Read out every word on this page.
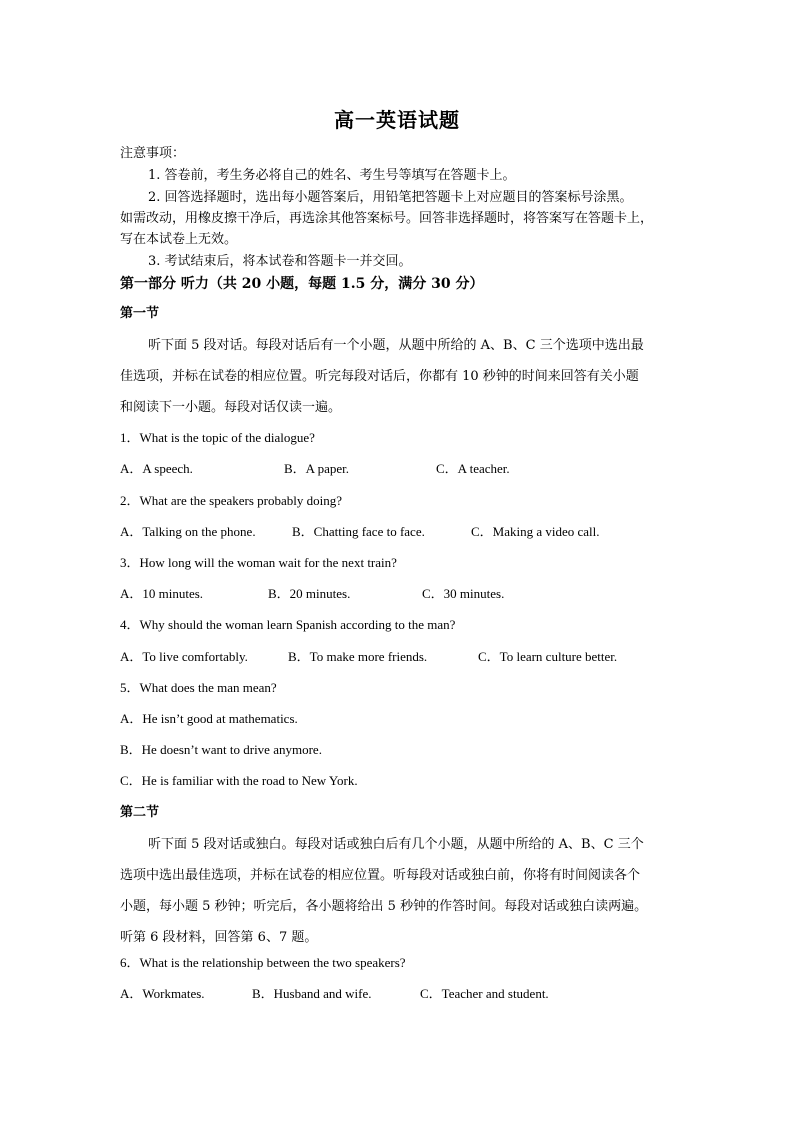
高一英语试题
注意事项：
1. 答卷前，考生务必将自己的姓名、考生号等填写在答题卡上。
2. 回答选择题时，选出每小题答案后，用铅笔把答题卡上对应题目的答案标号涂黑。
如需改动，用橡皮擦干净后，再选涂其他答案标号。回答非选择题时，将答案写在答题卡上，
写在本试卷上无效。
3. 考试结束后，将本试卷和答题卡一并交回。
第一部分 听力（共 20 小题，每题 1.5 分，满分 30 分）
第一节
听下面 5 段对话。每段对话后有一个小题，从题中所给的 A、B、C 三个选项中选出最
佳选项，并标在试卷的相应位置。听完每段对话后，你都有 10 秒钟的时间来回答有关小题
和阅读下一小题。每段对话仅读一遍。
1．What is the topic of the dialogue?
A．A speech.	B．A paper.	C．A teacher.
2．What are the speakers probably doing?
A．Talking on the phone.	B．Chatting face to face.	C．Making a video call.
3．How long will the woman wait for the next train?
A．10 minutes.	B．20 minutes.	C．30 minutes.
4．Why should the woman learn Spanish according to the man?
A．To live comfortably.	B．To make more friends.	C．To learn culture better.
5．What does the man mean?
A．He isn’t good at mathematics.
B．He doesn’t want to drive anymore.
C．He is familiar with the road to New York.
第二节
听下面 5 段对话或独白。每段对话或独白后有几个小题，从题中所给的 A、B、C 三个
选项中选出最佳选项，并标在试卷的相应位置。听每段对话或独白前，你将有时间阅读各个
小题，每小题 5 秒钟；听完后，各小题将给出 5 秒钟的作答时间。每段对话或独白读两遍。
听第 6 段材料，回答第 6、7 题。
6．What is the relationship between the two speakers?
A．Workmates.	B．Husband and wife.	C．Teacher and student.
